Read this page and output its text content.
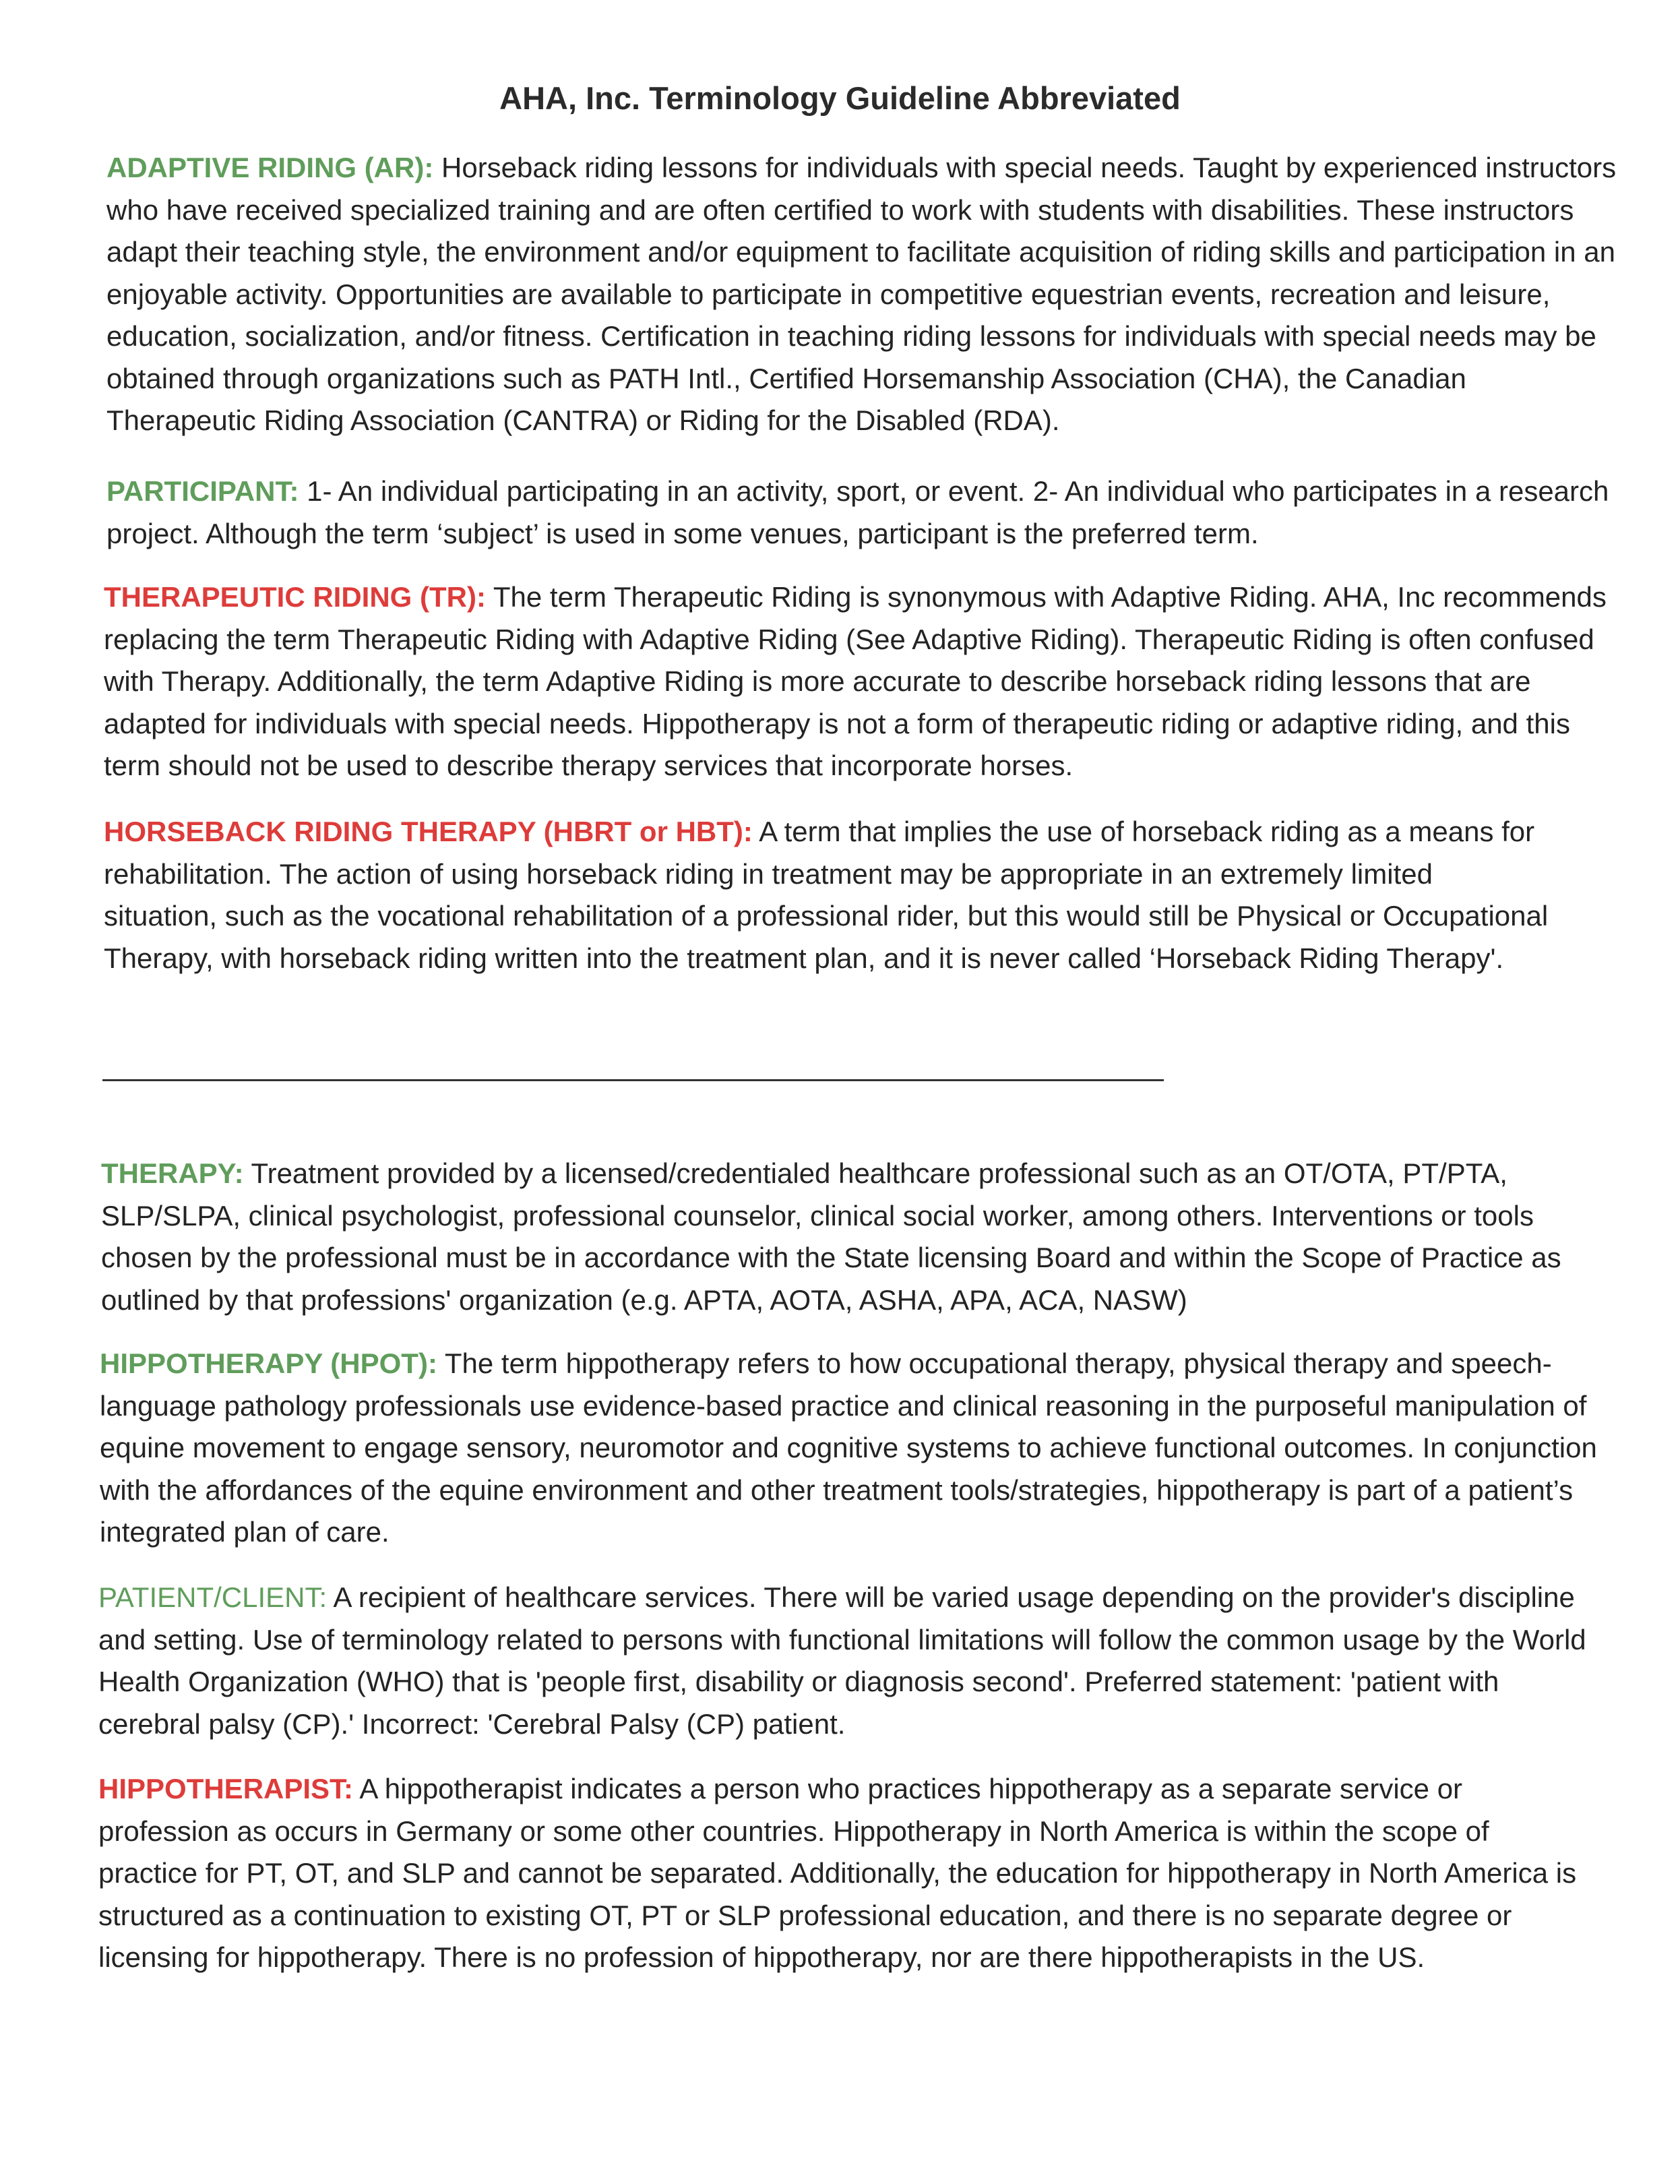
AHA, Inc. Terminology Guideline Abbreviated

ADAPTIVE RIDING (AR): Horseback riding lessons for individuals with special needs. Taught by experienced instructors who have received specialized training and are often certified to work with students with disabilities. These instructors adapt their teaching style, the environment and/or equipment to facilitate acquisition of riding skills and participation in an enjoyable activity. Opportunities are available to participate in competitive equestrian events, recreation and leisure, education, socialization, and/or fitness. Certification in teaching riding lessons for individuals with special needs may be obtained through organizations such as PATH Intl., Certified Horsemanship Association (CHA), the Canadian Therapeutic Riding Association (CANTRA) or Riding for the Disabled (RDA).

PARTICIPANT: 1- An individual participating in an activity, sport, or event. 2- An individual who participates in a research project. Although the term ‘subject’ is used in some venues, participant is the preferred term.

THERAPEUTIC RIDING (TR): The term Therapeutic Riding is synonymous with Adaptive Riding. AHA, Inc recommends replacing the term Therapeutic Riding with Adaptive Riding (See Adaptive Riding). Therapeutic Riding is often confused with Therapy. Additionally, the term Adaptive Riding is more accurate to describe horseback riding lessons that are adapted for individuals with special needs. Hippotherapy is not a form of therapeutic riding or adaptive riding, and this term should not be used to describe therapy services that incorporate horses.

HORSEBACK RIDING THERAPY (HBRT or HBT): A term that implies the use of horseback riding as a means for rehabilitation. The action of using horseback riding in treatment may be appropriate in an extremely limited situation, such as the vocational rehabilitation of a professional rider, but this would still be Physical or Occupational Therapy, with horseback riding written into the treatment plan, and it is never called ‘Horseback Riding Therapy'.

THERAPY: Treatment provided by a licensed/credentialed healthcare professional such as an OT/OTA, PT/PTA, SLP/SLPA, clinical psychologist, professional counselor, clinical social worker, among others. Interventions or tools chosen by the professional must be in accordance with the State licensing Board and within the Scope of Practice as outlined by that professions' organization (e.g. APTA, AOTA, ASHA, APA, ACA, NASW)

HIPPOTHERAPY (HPOT): The term hippotherapy refers to how occupational therapy, physical therapy and speech-language pathology professionals use evidence-based practice and clinical reasoning in the purposeful manipulation of equine movement to engage sensory, neuromotor and cognitive systems to achieve functional outcomes. In conjunction with the affordances of the equine environment and other treatment tools/strategies, hippotherapy is part of a patient’s integrated plan of care.

PATIENT/CLIENT: A recipient of healthcare services. There will be varied usage depending on the provider's discipline and setting. Use of terminology related to persons with functional limitations will follow the common usage by the World Health Organization (WHO) that is 'people first, disability or diagnosis second'. Preferred statement: 'patient with cerebral palsy (CP).' Incorrect: 'Cerebral Palsy (CP) patient.

HIPPOTHERAPIST: A hippotherapist indicates a person who practices hippotherapy as a separate service or profession as occurs in Germany or some other countries. Hippotherapy in North America is within the scope of practice for PT, OT, and SLP and cannot be separated. Additionally, the education for hippotherapy in North America is structured as a continuation to existing OT, PT or SLP professional education, and there is no separate degree or licensing for hippotherapy. There is no profession of hippotherapy, nor are there hippotherapists in the US.
